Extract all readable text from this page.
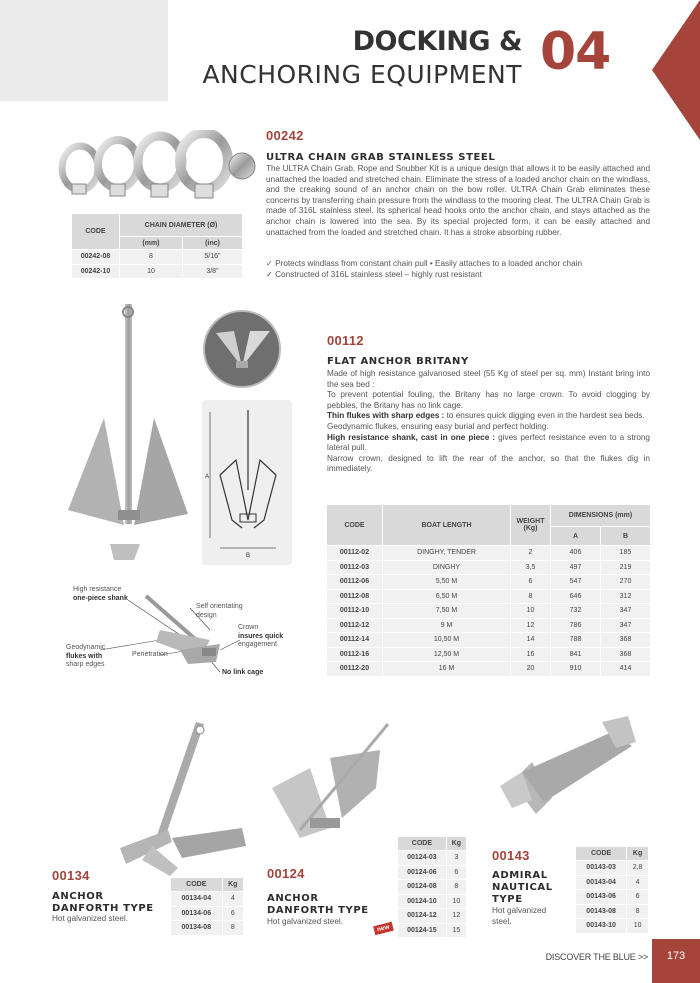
DOCKING &
ANCHORING EQUIPMENT 04
CODE	CHAIN DIAMETER (Ø)	
	(mm)	(inc)
00242-08	8	5/16"
00242-10	10	3/8"
00242
ULTRA CHAIN GRAB STAINLESS STEEL
The ULTRA Chain Grab, Rope and Snubber Kit is a unique design that allows it to be easily attached and unattached the loaded and stretched chain. Eliminate the stress of a loaded anchor chain on the windlass, and the creaking sound of an anchor chain on the bow roller. ULTRA Chain Grab eliminates these concerns by transferring chain pressure from the windlass to the mooring cleat. The ULTRA Chain Grab is made of 316L stainless steel. Its spherical head hooks onto the anchor chain, and stays attached as the anchor chain is lowered into the sea. By its special projected form, it can be easily attached and unattached from the loaded and stretched chain. It has a stroke absorbing rubber.
✓ Protects windlass from constant chain pull • Easily attaches to a loaded anchor chain
✓ Constructed of 316L stainless steel – highly rust resistant
A
B
00112
FLAT ANCHOR BRITANY
Made of high resistance galvanosed steel (55 Kg of steel per sq. mm) Instant bring into the sea bed :
To prevent potential fouling, the Britany has no large crown. To avoid clogging by pebbles, the Britany has no link cage.
Thin flukes with sharp edges : to ensures quick digging even in the hardest sea beds.
Geodynamic flukes, ensuring easy burial and perfect holding.
High resistance shank, cast in one piece : gives perfect resistance even to a strong lateral pull.
Narrow crown, designed to lift the rear of the anchor, so that the flukes dig in immediately.
CODE	BOAT LENGTH	WEIGHT (Kg)	DIMENSIONS (mm)	
			A	B
00112-02	DINGHY, TENDER	2	406	185
00112-03	DINGHY	3,5	497	219
00112-06	5,50 M	6	547	270
00112-08	6,50 M	8	646	312
00112-10	7,50 M	10	732	347
00112-12	9 M	12	786	347
00112-14	10,50 M	14	788	368
00112-16	12,50 M	16	841	368
00112-20	16 M	20	910	414
High resistance
one-piece shank
Self orientating
design
Crown
insures quick
engagement
Geodynamic
flukes with
sharp edges
Penetration
No link cage
00134
ANCHOR
DANFORTH TYPE
Hot galvanized steel.
CODE	Kg
00134-04	4
00134-06	6
00134-08	8
00124
ANCHOR
DANFORTH TYPE
Hot galvanized steel.
CODE	Kg
00124-03	3
00124-06	6
00124-08	8
00124-10	10
00124-12	12
00124-15	15
new
00143
ADMIRAL
NAUTICAL
TYPE
Hot galvanized
steel.
CODE	Kg
00143-03	2,8
00143-04	4
00143-06	6
00143-08	8
00143-10	10
DISCOVER THE BLUE >>	173
